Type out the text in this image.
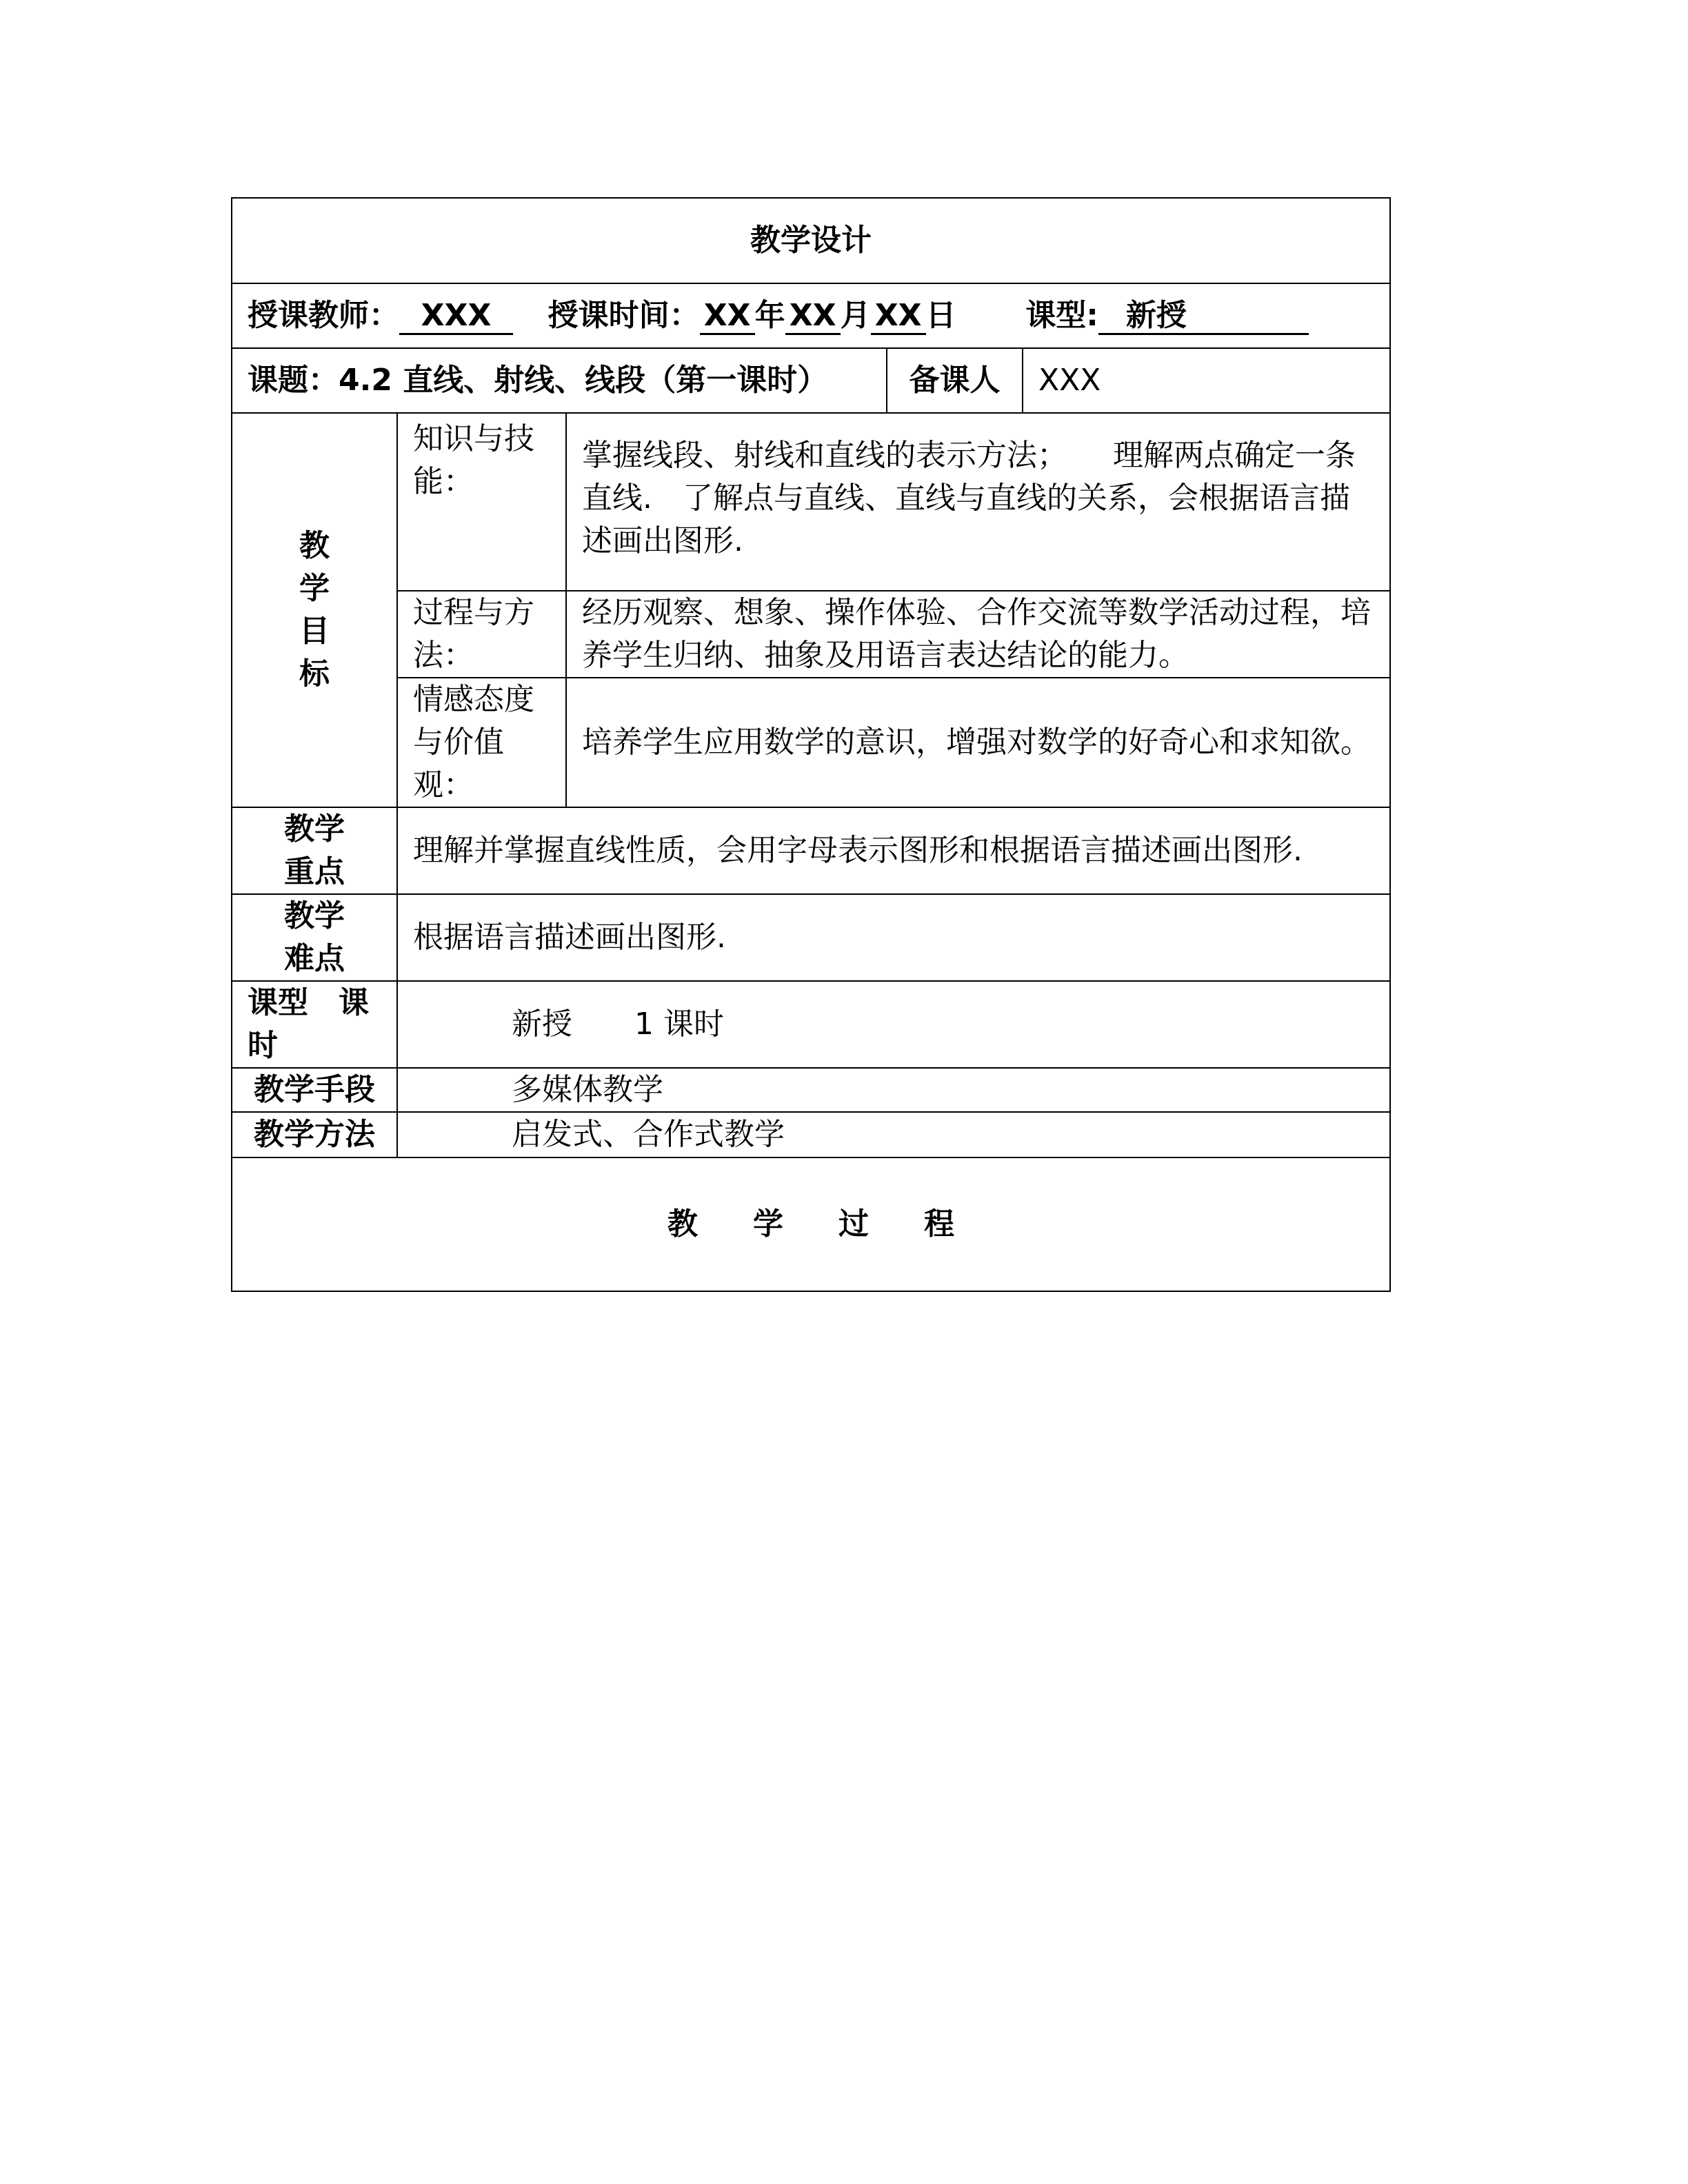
教学设计				
授课教师： XXX 授课时间： XX 年 XX 月 XX 日 课型: 新授				
课题：4.2 直线、射线、线段（第一课时）			备课人	XXX

教
学
目
标	知识与技能：	掌握线段、射线和直线的表示方法；　　理解两点确定一条直线.　了解点与直线、直线与直线的关系，会根据语言描述画出图形.		
	过程与方法：	经历观察、想象、操作体验、合作交流等数学活动过程，培养学生归纳、抽象及用语言表达结论的能力。		
	情感态度与价值观：	培养学生应用数学的意识，增强对数学的好奇心和求知欲。		
教学重点	理解并掌握直线性质，会用字母表示图形和根据语言描述画出图形.			
教学难点	根据语言描述画出图形.			
课型　课时	新授 1 课时			
教学手段	多媒体教学			
教学方法	启发式、合作式教学			
教 学 过 程				
